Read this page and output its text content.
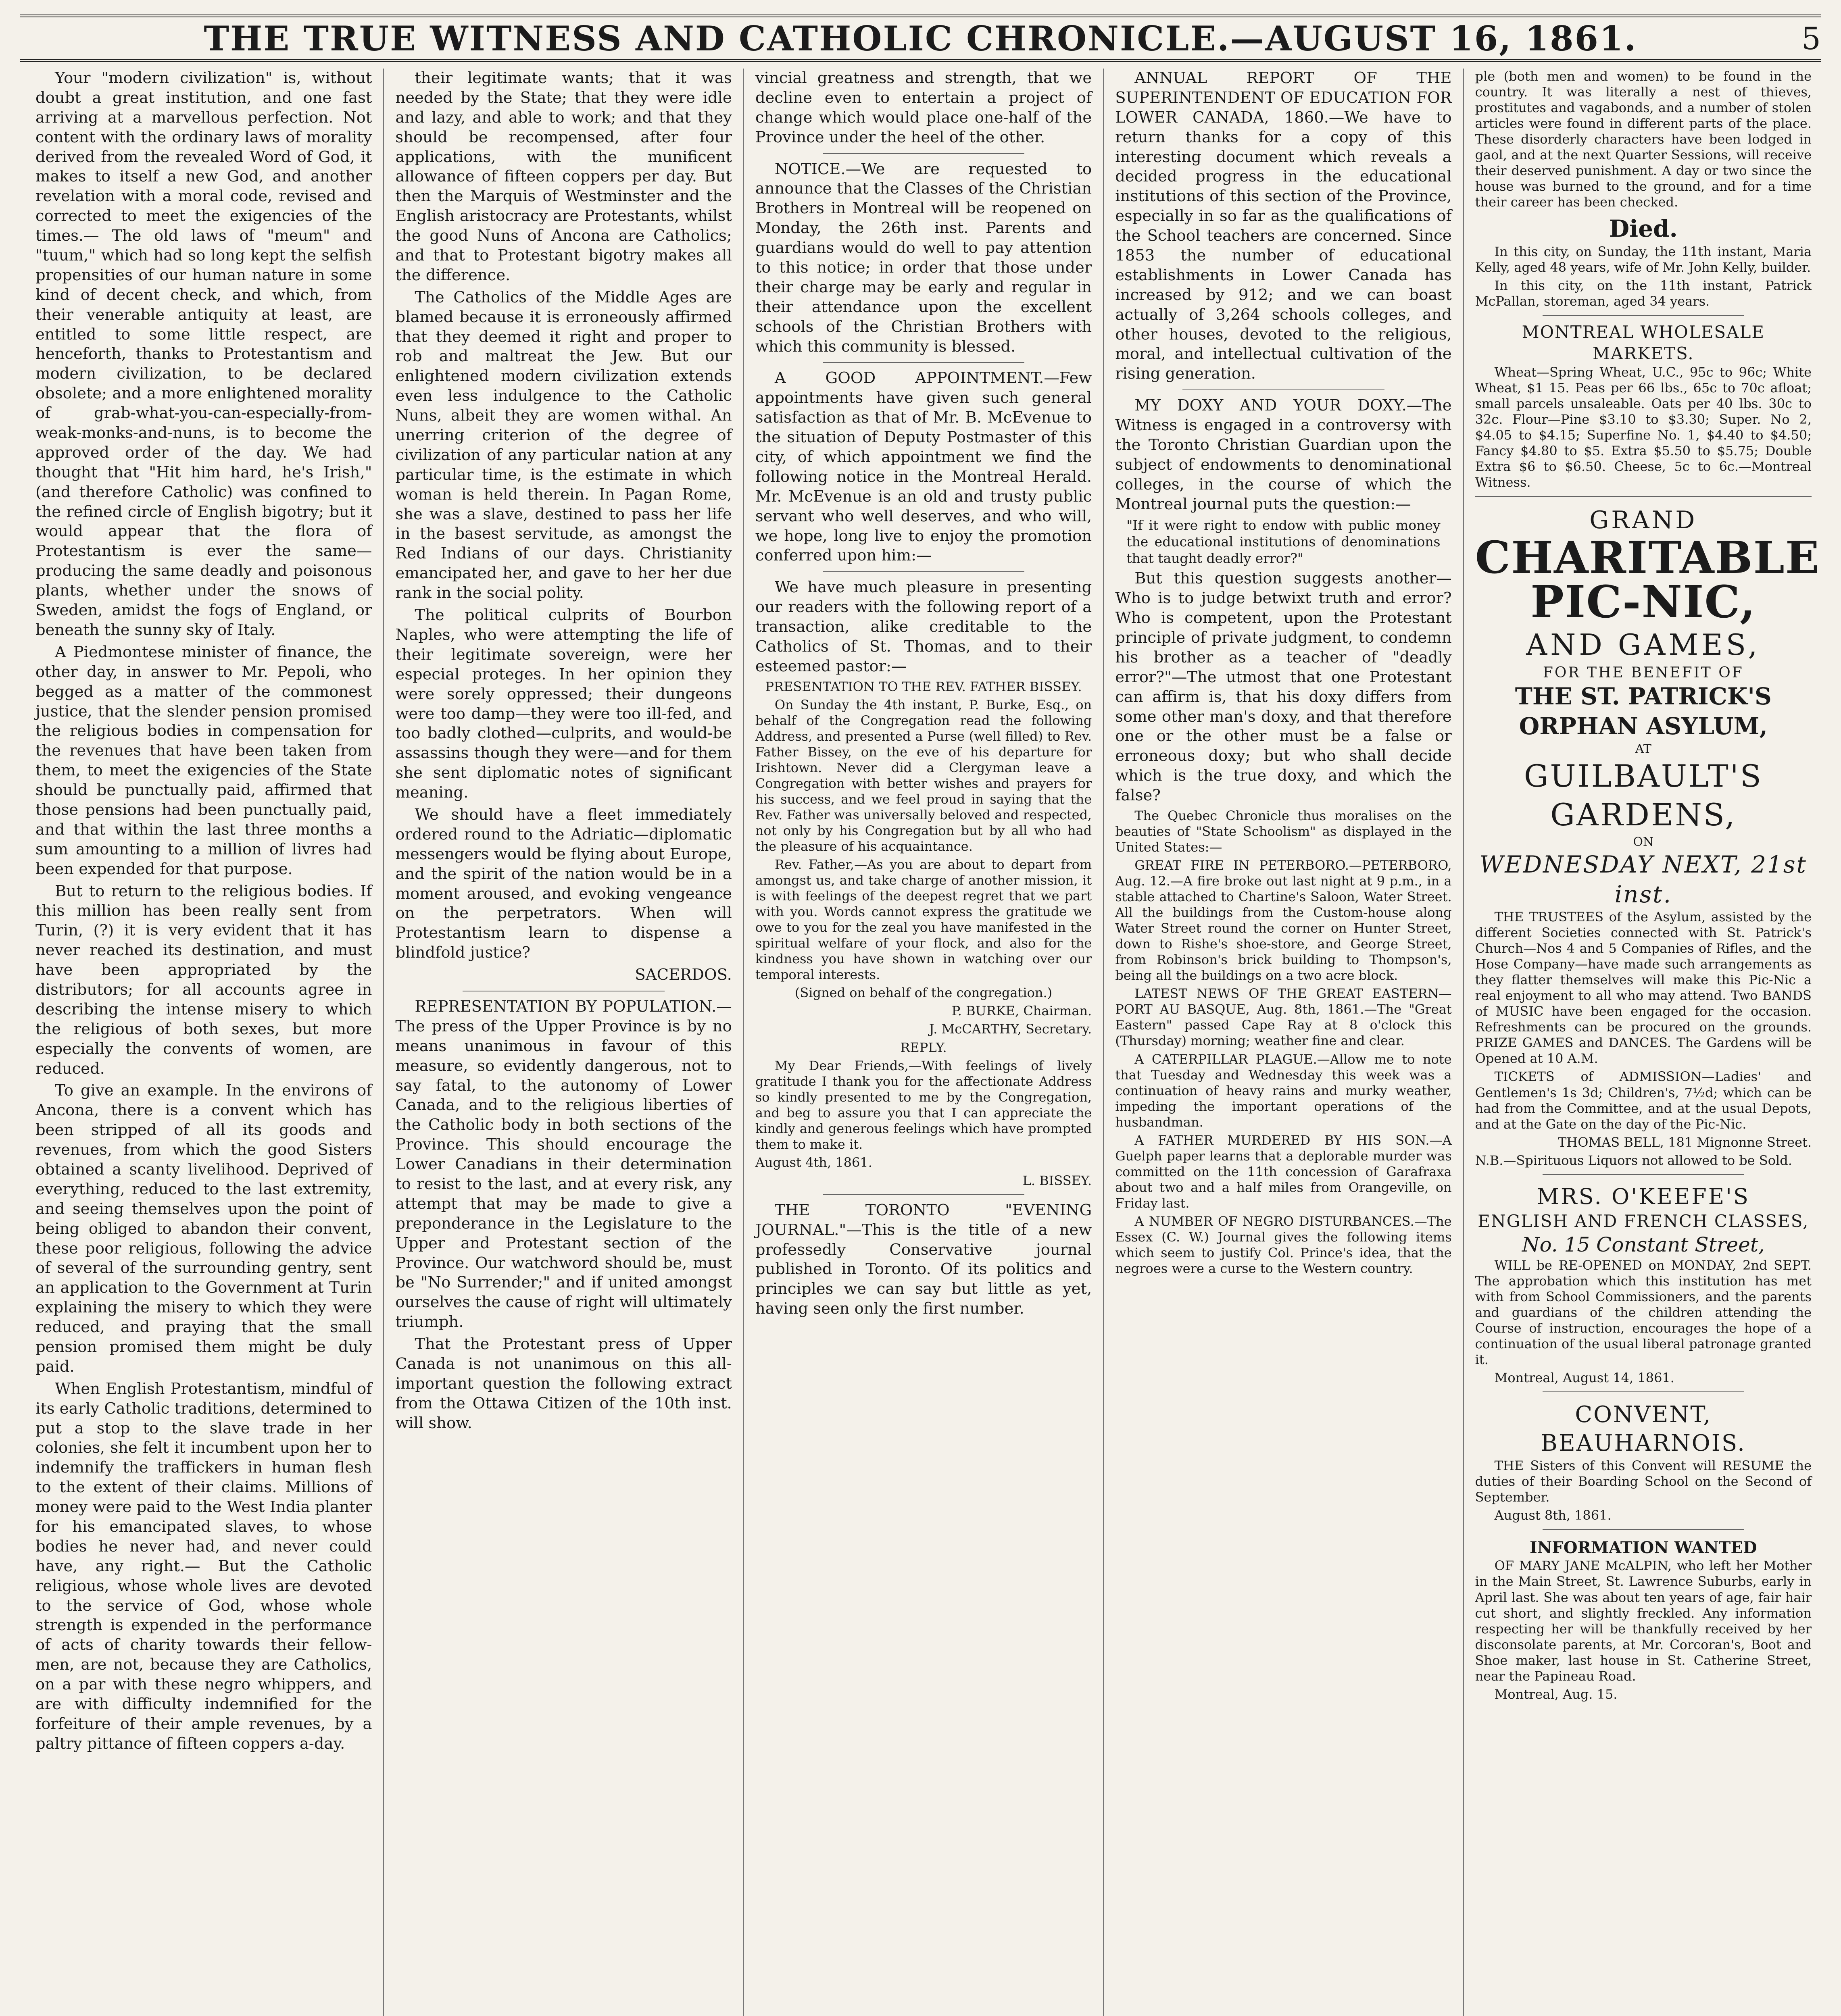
THE TRUE WITNESS AND CATHOLIC CHRONICLE.—AUGUST 16, 1861.	5

Your "modern civilization" is, without doubt a great institution, and one fast arriving at a marvellous perfection. Not content with the ordinary laws of morality derived from the revealed Word of God, it makes to itself a new God, and another revelation with a moral code, revised and corrected to meet the exigencies of the times.— The old laws of "meum" and "tuum," which had so long kept the selfish propensities of our human nature in some kind of decent check, and which, from their venerable antiquity at least, are entitled to some little respect, are henceforth, thanks to Protestantism and modern civilization, to be declared obsolete; and a more enlightened morality of grab-what-you-can-especially-from-weak-monks-and-nuns, is to become the approved order of the day. We had thought that "Hit him hard, he's Irish," (and therefore Catholic) was confined to the refined circle of English bigotry; but it would appear that the flora of Protestantism is ever the same—producing the same deadly and poisonous plants, whether under the snows of Sweden, amidst the fogs of England, or beneath the sunny sky of Italy.

A Piedmontese minister of finance, the other day, in answer to Mr. Pepoli, who begged as a matter of the commonest justice, that the slender pension promised the religious bodies in compensation for the revenues that have been taken from them, to meet the exigencies of the State should be punctually paid, affirmed that those pensions had been punctually paid, and that within the last three months a sum amounting to a million of livres had been expended for that purpose.

But to return to the religious bodies. If this million has been really sent from Turin, (?) it is very evident that it has never reached its destination, and must have been appropriated by the distributors; for all accounts agree in describing the intense misery to which the religious of both sexes, but more especially the convents of women, are reduced.

To give an example. In the environs of Ancona, there is a convent which has been stripped of all its goods and revenues, from which the good Sisters obtained a scanty livelihood. Deprived of everything, reduced to the last extremity, and seeing themselves upon the point of being obliged to abandon their convent, these poor religious, following the advice of several of the surrounding gentry, sent an application to the Government at Turin explaining the misery to which they were reduced, and praying that the small pension promised them might be duly paid.

When English Protestantism, mindful of its early Catholic traditions, determined to put a stop to the slave trade in her colonies, she felt it incumbent upon her to indemnify the traffickers in human flesh to the extent of their claims. Millions of money were paid to the West India planter for his emancipated slaves, to whose bodies he never had, and never could have, any right.— But the Catholic religious, whose whole lives are devoted to the service of God, whose whole strength is expended in the performance of acts of charity towards their fellow-men, are not, because they are Catholics, on a par with these negro whippers, and are with difficulty indemnified for the forfeiture of their ample revenues, by a paltry pittance of fifteen coppers a-day.

their legitimate wants; that it was needed by the State; that they were idle and lazy, and able to work; and that they should be recompensed, after four applications, with the munificent allowance of fifteen coppers per day. But then the Marquis of Westminster and the English aristocracy are Protestants, whilst the good Nuns of Ancona are Catholics; and that to Protestant bigotry makes all the difference.

The Catholics of the Middle Ages are blamed because it is erroneously affirmed that they deemed it right and proper to rob and maltreat the Jew. But our enlightened modern civilization extends even less indulgence to the Catholic Nuns, albeit they are women withal. An unerring criterion of the degree of civilization of any particular nation at any particular time, is the estimate in which woman is held therein. In Pagan Rome, she was a slave, destined to pass her life in the basest servitude, as amongst the Red Indians of our days. Christianity emancipated her, and gave to her her due rank in the social polity.

The political culprits of Bourbon Naples, who were attempting the life of their legitimate sovereign, were her especial proteges. In her opinion they were sorely oppressed; their dungeons were too damp—they were too ill-fed, and too badly clothed—culprits, and would-be assassins though they were—and for them she sent diplomatic notes of significant meaning.

We should have a fleet immediately ordered round to the Adriatic—diplomatic messengers would be flying about Europe, and the spirit of the nation would be in a moment aroused, and evoking vengeance on the perpetrators. When will Protestantism learn to dispense a blindfold justice?

SACERDOS.

REPRESENTATION BY POPULATION.—The press of the Upper Province is by no means unanimous in favour of this measure, so evidently dangerous, not to say fatal, to the autonomy of Lower Canada, and to the religious liberties of the Catholic body in both sections of the Province. This should encourage the Lower Canadians in their determination to resist to the last, and at every risk, any attempt that may be made to give a preponderance in the Legislature to the Upper and Protestant section of the Province. Our watchword should be, must be "No Surrender;" and if united amongst ourselves the cause of right will ultimately triumph.

That the Protestant press of Upper Canada is not unanimous on this all-important question the following extract from the Ottawa Citizen of the 10th inst. will show.

vincial greatness and strength, that we decline even to entertain a project of change which would place one-half of the Province under the heel of the other.

NOTICE.—We are requested to announce that the Classes of the Christian Brothers in Montreal will be reopened on Monday, the 26th inst. Parents and guardians would do well to pay attention to this notice; in order that those under their charge may be early and regular in their attendance upon the excellent schools of the Christian Brothers with which this community is blessed.

A GOOD APPOINTMENT.—Few appointments have given such general satisfaction as that of Mr. B. McEvenue to the situation of Deputy Postmaster of this city, of which appointment we find the following notice in the Montreal Herald. Mr. McEvenue is an old and trusty public servant who well deserves, and who will, we hope, long live to enjoy the promotion conferred upon him:—

We have much pleasure in presenting our readers with the following report of a transaction, alike creditable to the Catholics of St. Thomas, and to their esteemed pastor:—

PRESENTATION TO THE REV. FATHER BISSEY.

On Sunday the 4th instant, P. Burke, Esq., on behalf of the Congregation read the following Address, and presented a Purse (well filled) to Rev. Father Bissey, on the eve of his departure for Irishtown. Never did a Clergyman leave a Congregation with better wishes and prayers for his success, and we feel proud in saying that the Rev. Father was universally beloved and respected, not only by his Congregation but by all who had the pleasure of his acquaintance.

Rev. Father,—As you are about to depart from amongst us, and take charge of another mission, it is with feelings of the deepest regret that we part with you. Words cannot express the gratitude we owe to you for the zeal you have manifested in the spiritual welfare of your flock, and also for the kindness you have shown in watching over our temporal interests.

(Signed on behalf of the congregation.)

P. BURKE, Chairman.

J. McCARTHY, Secretary.

REPLY.

My Dear Friends,—With feelings of lively gratitude I thank you for the affectionate Address so kindly presented to me by the Congregation, and beg to assure you that I can appreciate the kindly and generous feelings which have prompted them to make it.

August 4th, 1861.

L. BISSEY.

THE TORONTO "EVENING JOURNAL."—This is the title of a new professedly Conservative journal published in Toronto. Of its politics and principles we can say but little as yet, having seen only the first number.

ANNUAL REPORT OF THE SUPERINTENDENT OF EDUCATION FOR LOWER CANADA, 1860.—We have to return thanks for a copy of this interesting document which reveals a decided progress in the educational institutions of this section of the Province, especially in so far as the qualifications of the School teachers are concerned. Since 1853 the number of educational establishments in Lower Canada has increased by 912; and we can boast actually of 3,264 schools colleges, and other houses, devoted to the religious, moral, and intellectual cultivation of the rising generation.

MY DOXY AND YOUR DOXY.—The Witness is engaged in a controversy with the Toronto Christian Guardian upon the subject of endowments to denominational colleges, in the course of which the Montreal journal puts the question:—

"If it were right to endow with public money the educational institutions of denominations that taught deadly error?"

But this question suggests another—Who is to judge betwixt truth and error? Who is competent, upon the Protestant principle of private judgment, to condemn his brother as a teacher of "deadly error?"—The utmost that one Protestant can affirm is, that his doxy differs from some other man's doxy, and that therefore one or the other must be a false or erroneous doxy; but who shall decide which is the true doxy, and which the false?

The Quebec Chronicle thus moralises on the beauties of "State Schoolism" as displayed in the United States:—

GREAT FIRE IN PETERBORO.—PETERBORO, Aug. 12.—A fire broke out last night at 9 p.m., in a stable attached to Chartine's Saloon, Water Street. All the buildings from the Custom-house along Water Street round the corner on Hunter Street, down to Rishe's shoe-store, and George Street, from Robinson's brick building to Thompson's, being all the buildings on a two acre block.

LATEST NEWS OF THE GREAT EASTERN—PORT AU BASQUE, Aug. 8th, 1861.—The "Great Eastern" passed Cape Ray at 8 o'clock this (Thursday) morning; weather fine and clear.

A CATERPILLAR PLAGUE.—Allow me to note that Tuesday and Wednesday this week was a continuation of heavy rains and murky weather, impeding the important operations of the husbandman.

A FATHER MURDERED BY HIS SON.—A Guelph paper learns that a deplorable murder was committed on the 11th concession of Garafraxa about two and a half miles from Orangeville, on Friday last.

A NUMBER OF NEGRO DISTURBANCES.—The Essex (C. W.) Journal gives the following items which seem to justify Col. Prince's idea, that the negroes were a curse to the Western country.

ple (both men and women) to be found in the country. It was literally a nest of thieves, prostitutes and vagabonds, and a number of stolen articles were found in different parts of the place. These disorderly characters have been lodged in gaol, and at the next Quarter Sessions, will receive their deserved punishment. A day or two since the house was burned to the ground, and for a time their career has been checked.

Died.

In this city, on Sunday, the 11th instant, Maria Kelly, aged 48 years, wife of Mr. John Kelly, builder.

In this city, on the 11th instant, Patrick McPallan, storeman, aged 34 years.

MONTREAL WHOLESALE MARKETS.

Wheat—Spring Wheat, U.C., 95c to 96c; White Wheat, $1 15. Peas per 66 lbs., 65c to 70c afloat; small parcels unsaleable. Oats per 40 lbs. 30c to 32c. Flour—Pine $3.10 to $3.30; Super. No 2, $4.05 to $4.15; Superfine No. 1, $4.40 to $4.50; Fancy $4.80 to $5. Extra $5.50 to $5.75; Double Extra $6 to $6.50. Cheese, 5c to 6c.—Montreal Witness.

GRAND
CHARITABLE PIC-NIC,
AND GAMES,
FOR THE BENEFIT OF
THE ST. PATRICK'S ORPHAN ASYLUM,
AT
GUILBAULT'S GARDENS,
ON
WEDNESDAY NEXT, 21st inst.

THE TRUSTEES of the Asylum, assisted by the different Societies connected with St. Patrick's Church—Nos 4 and 5 Companies of Rifles, and the Hose Company—have made such arrangements as they flatter themselves will make this Pic-Nic a real enjoyment to all who may attend. Two BANDS of MUSIC have been engaged for the occasion. Refreshments can be procured on the grounds. PRIZE GAMES and DANCES. The Gardens will be Opened at 10 A.M.

TICKETS of ADMISSION—Ladies' and Gentlemen's 1s 3d; Children's, 7½d; which can be had from the Committee, and at the usual Depots, and at the Gate on the day of the Pic-Nic.

THOMAS BELL, 181 Mignonne Street.

N.B.—Spirituous Liquors not allowed to be Sold.

MRS. O'KEEFE'S
ENGLISH AND FRENCH CLASSES,
No. 15 Constant Street,

WILL be RE-OPENED on MONDAY, 2nd SEPT. The approbation which this institution has met with from School Commissioners, and the parents and guardians of the children attending the Course of instruction, encourages the hope of a continuation of the usual liberal patronage granted it.

Montreal, August 14, 1861.

CONVENT, BEAUHARNOIS.

THE Sisters of this Convent will RESUME the duties of their Boarding School on the Second of September.

August 8th, 1861.

INFORMATION WANTED

OF MARY JANE McALPIN, who left her Mother in the Main Street, St. Lawrence Suburbs, early in April last. She was about ten years of age, fair hair cut short, and slightly freckled. Any information respecting her will be thankfully received by her disconsolate parents, at Mr. Corcoran's, Boot and Shoe maker, last house in St. Catherine Street, near the Papineau Road.

Montreal, Aug. 15.
